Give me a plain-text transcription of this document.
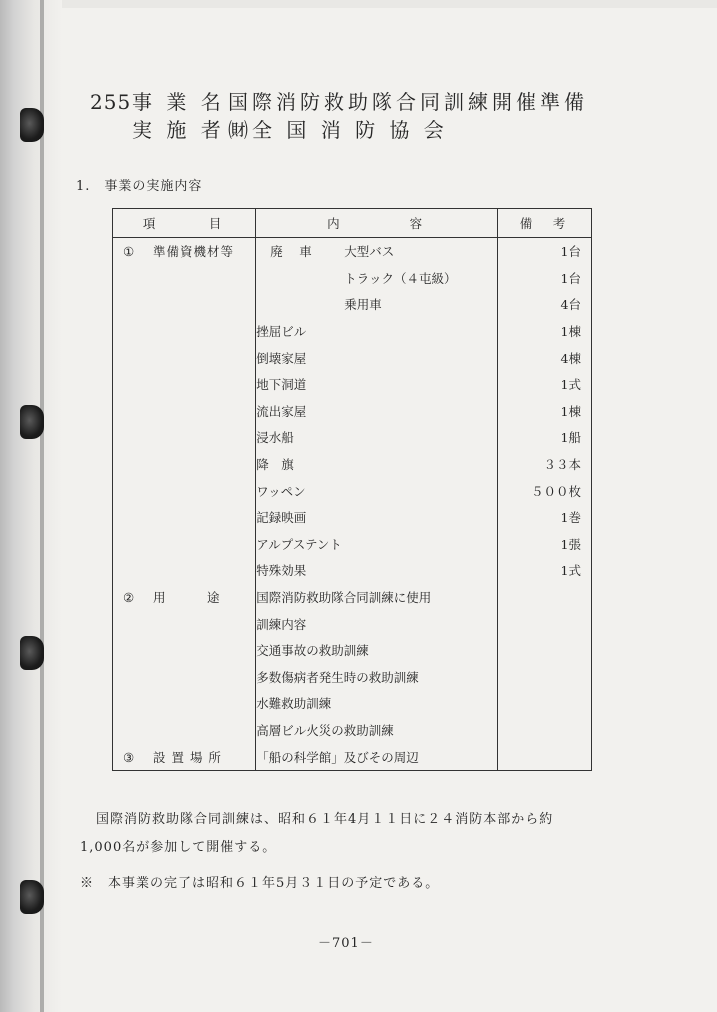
255事 業 名 国際消防救助隊合同訓練開催準備
実 施 者 ㈶全 国 消 防 協 会
1.　事業の実施内容
項　　　目	内　　　　容	備　考
① 準備資機材等	廃　車 大型バス	1台
	トラック（４屯級）	1台
	乗用車	4台
	挫屈ビル	1棟
	倒壊家屋	4棟
	地下洞道	1式
	流出家屋	1棟
	浸水船	1船
	降　旗	３３本
	ワッペン	５００枚
	記録映画	1巻
	アルプステント	1張
	特殊効果	1式
② 用　　　途	国際消防救助隊合同訓練に使用	
	訓練内容	
	交通事故の救助訓練	
	多数傷病者発生時の救助訓練	
	水難救助訓練	
	高層ビル火災の救助訓練	
③ 設 置 場 所	「船の科学館」及びその周辺	
国際消防救助隊合同訓練は、昭和６１年4月１１日に２４消防本部から約
1,000名が参加して開催する。
※　本事業の完了は昭和６１年5月３１日の予定である。
－701－
